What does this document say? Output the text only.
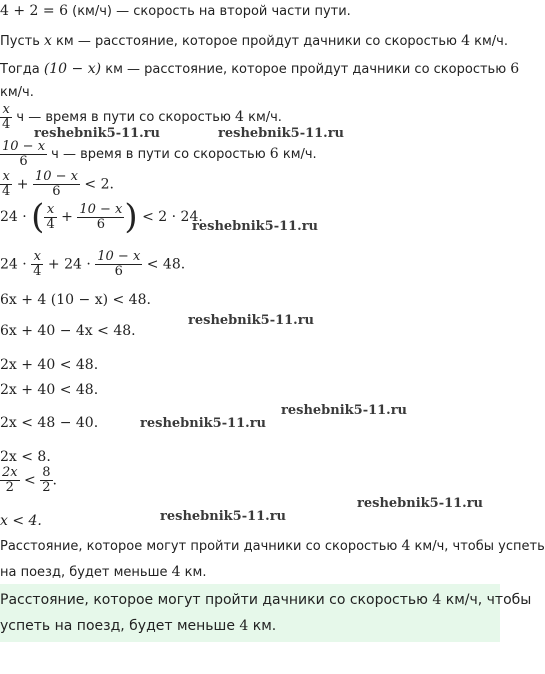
4 + 2 = 6 (км/ч) — скорость на второй части пути.
Пусть x км — расстояние, которое пройдут дачники со скоростью 4 км/ч.
Тогда (10 − x) км — расстояние, которое пройдут дачники со скоростью 6
км/ч.
$\frac{x}{4}$ ч — время в пути со скоростью 4 км/ч.
$\frac{10 - x}{6}$ ч — время в пути со скоростью 6 км/ч.
$\frac{x}{4} + \frac{10 - x}{6} < 2$.
24 · ( $\frac{x}{4} + \frac{10 - x}{6}$ ) < 2 · 24.
$24 \cdot \frac{x}{4} + 24 \cdot \frac{10 - x}{6} < 48$.
6x + 4 (10 − x) < 48.
6x + 40 − 4x < 48.
2x + 40 < 48.
2x + 40 < 48.
2x < 48 − 40.
2x < 8.
$\frac{2x}{2} < \frac{8}{2}$ .
x < 4.
Расстояние, которое могут пройти дачники со скоростью 4 км/ч, чтобы успеть
на поезд, будет меньше 4 км.
Расстояние, которое могут пройти дачники со скоростью 4 км/ч, чтобы
успеть на поезд, будет меньше 4 км.
reshebnik5-11.ru	reshebnik5-11.ru
reshebnik5-11.ru
reshebnik5-11.ru
reshebnik5-11.ru
reshebnik5-11.ru
reshebnik5-11.ru
reshebnik5-11.ru
